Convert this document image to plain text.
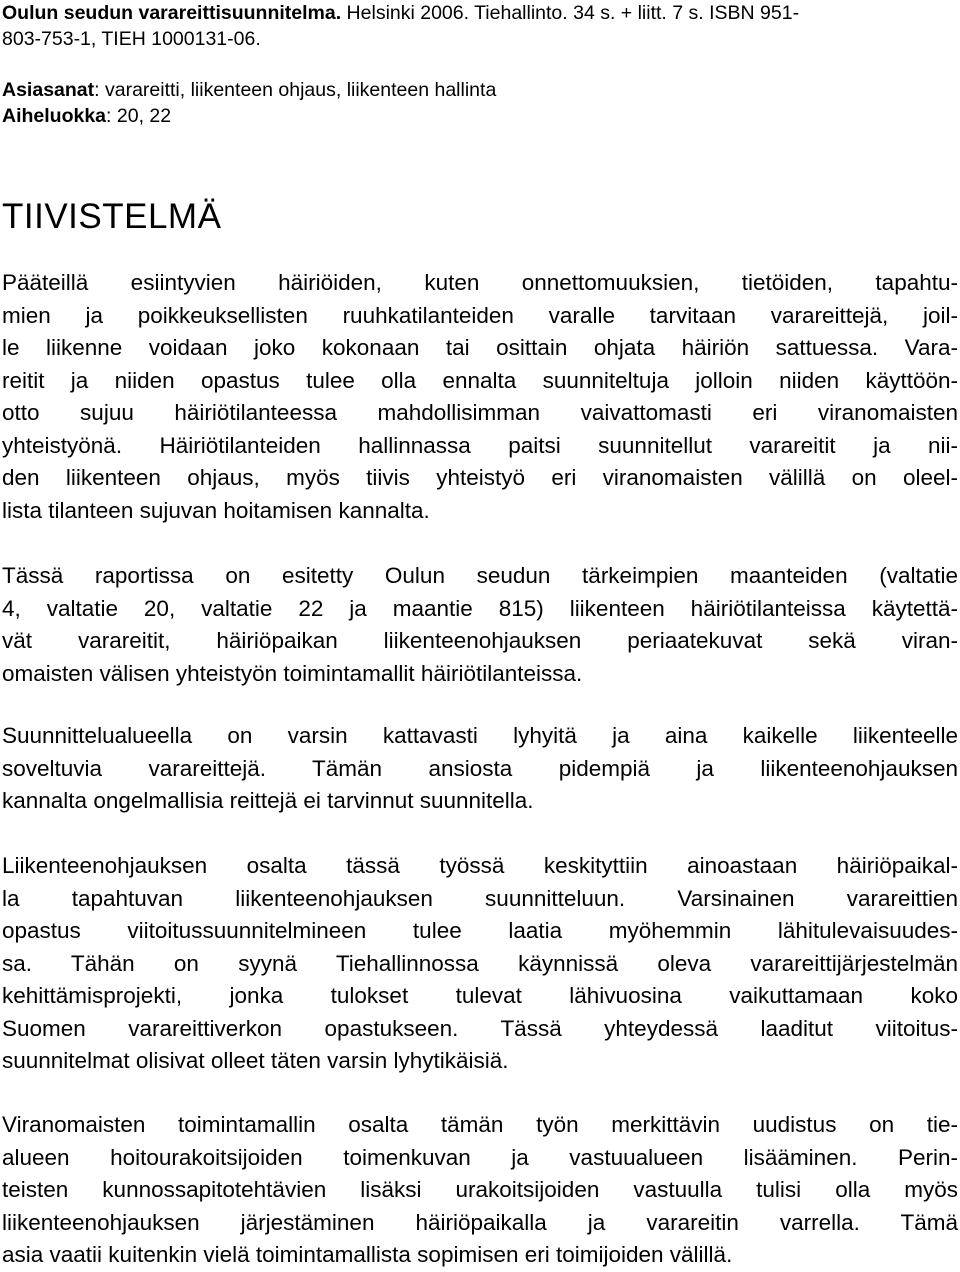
Oulun seudun varareittisuunnitelma. Helsinki 2006. Tiehallinto. 34 s. + liitt. 7 s. ISBN 951-
803-753-1, TIEH 1000131-06.
Asiasanat: varareitti, liikenteen ohjaus, liikenteen hallinta
Aiheluokka: 20, 22
TIIVISTELMÄ
Pääteillä esiintyvien häiriöiden, kuten onnettomuuksien, tietöiden, tapahtu-
mien ja poikkeuksellisten ruuhkatilanteiden varalle tarvitaan varareittejä, joil-
le liikenne voidaan joko kokonaan tai osittain ohjata häiriön sattuessa. Vara-
reitit ja niiden opastus tulee olla ennalta suunniteltuja jolloin niiden käyttöön-
otto sujuu häiriötilanteessa mahdollisimman vaivattomasti eri viranomaisten
yhteistyönä. Häiriötilanteiden hallinnassa paitsi suunnitellut varareitit ja nii-
den liikenteen ohjaus, myös tiivis yhteistyö eri viranomaisten välillä on oleel-
lista tilanteen sujuvan hoitamisen kannalta.
Tässä raportissa on esitetty Oulun seudun tärkeimpien maanteiden (valtatie
4, valtatie 20, valtatie 22 ja maantie 815) liikenteen häiriötilanteissa käytettä-
vät varareitit, häiriöpaikan liikenteenohjauksen periaatekuvat sekä viran-
omaisten välisen yhteistyön toimintamallit häiriötilanteissa.
Suunnittelualueella on varsin kattavasti lyhyitä ja aina kaikelle liikenteelle
soveltuvia varareittejä. Tämän ansiosta pidempiä ja liikenteenohjauksen
kannalta ongelmallisia reittejä ei tarvinnut suunnitella.
Liikenteenohjauksen osalta tässä työssä keskityttiin ainoastaan häiriöpaikal-
la tapahtuvan liikenteenohjauksen suunnitteluun. Varsinainen varareittien
opastus viitoitussuunnitelmineen tulee laatia myöhemmin lähitulevaisuudes-
sa. Tähän on syynä Tiehallinnossa käynnissä oleva varareittijärjestelmän
kehittämisprojekti, jonka tulokset tulevat lähivuosina vaikuttamaan koko
Suomen varareittiverkon opastukseen. Tässä yhteydessä laaditut viitoitus-
suunnitelmat olisivat olleet täten varsin lyhytikäisiä.
Viranomaisten toimintamallin osalta tämän työn merkittävin uudistus on tie-
alueen hoitourakoitsijoiden toimenkuvan ja vastuualueen lisääminen. Perin-
teisten kunnossapitotehtävien lisäksi urakoitsijoiden vastuulla tulisi olla myös
liikenteenohjauksen järjestäminen häiriöpaikalla ja varareitin varrella. Tämä
asia vaatii kuitenkin vielä toimintamallista sopimisen eri toimijoiden välillä.
